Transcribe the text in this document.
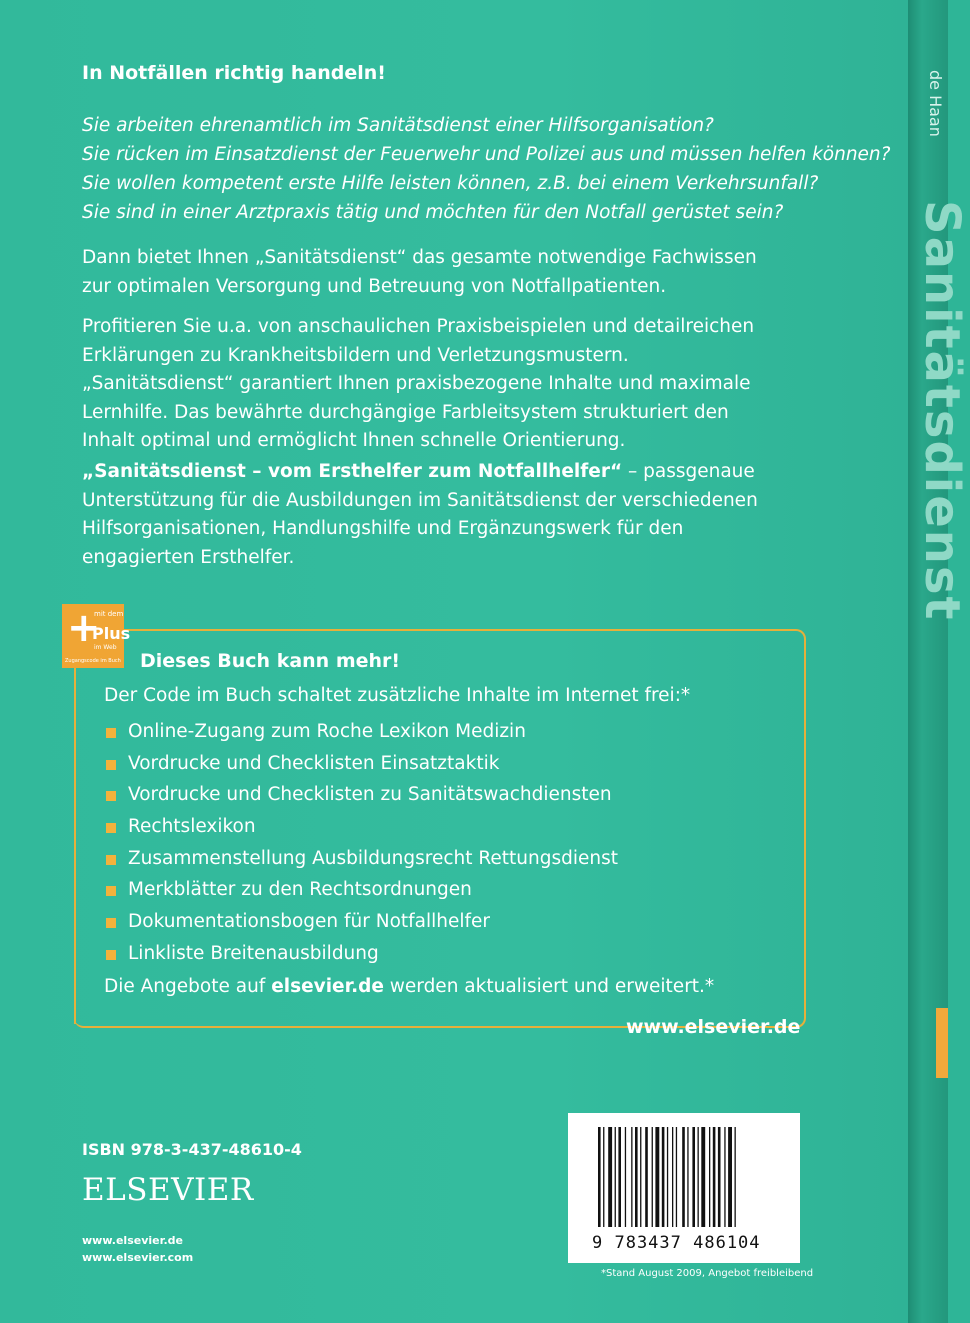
de Haan
Sanitätsdienst
In Notfällen richtig handeln!
Sie arbeiten ehrenamtlich im Sanitätsdienst einer Hilfsorganisation?
Sie rücken im Einsatzdienst der Feuerwehr und Polizei aus und müssen helfen können?
Sie wollen kompetent erste Hilfe leisten können, z.B. bei einem Verkehrsunfall?
Sie sind in einer Arztpraxis tätig und möchten für den Notfall gerüstet sein?
Dann bietet Ihnen „Sanitätsdienst“ das gesamte notwendige Fachwissen zur optimalen Versorgung und Betreuung von Notfallpatienten.
Profitieren Sie u.a. von anschaulichen Praxisbeispielen und detailreichen Erklärungen zu Krankheitsbildern und Verletzungsmustern. „Sanitätsdienst“ garantiert Ihnen praxisbezogene Inhalte und maximale Lernhilfe. Das bewährte durchgängige Farbleitsystem strukturiert den Inhalt optimal und ermöglicht Ihnen schnelle Orientierung.
„Sanitätsdienst – vom Ersthelfer zum Notfallhelfer“ – passgenaue Unterstützung für die Ausbildungen im Sanitätsdienst der verschiedenen Hilfsorganisationen, Handlungshilfe und Ergänzungswerk für den engagierten Ersthelfer.
+
mit dem
Plus
im Web
Zugangscode im Buch Dieses Buch kann mehr!
Der Code im Buch schaltet zusätzliche Inhalte im Internet frei:*
Online-Zugang zum Roche Lexikon Medizin
Vordrucke und Checklisten Einsatztaktik
Vordrucke und Checklisten zu Sanitätswachdiensten
Rechtslexikon
Zusammenstellung Ausbildungsrecht Rettungsdienst
Merkblätter zu den Rechtsordnungen
Dokumentationsbogen für Notfallhelfer
Linkliste Breitenausbildung
Die Angebote auf elsevier.de werden aktualisiert und erweitert.*
www.elsevier.de
ISBN 978-3-437-48610-4
ELSEVIER
www.elsevier.de
www.elsevier.com
9 783437 486104
*Stand August 2009, Angebot freibleibend
